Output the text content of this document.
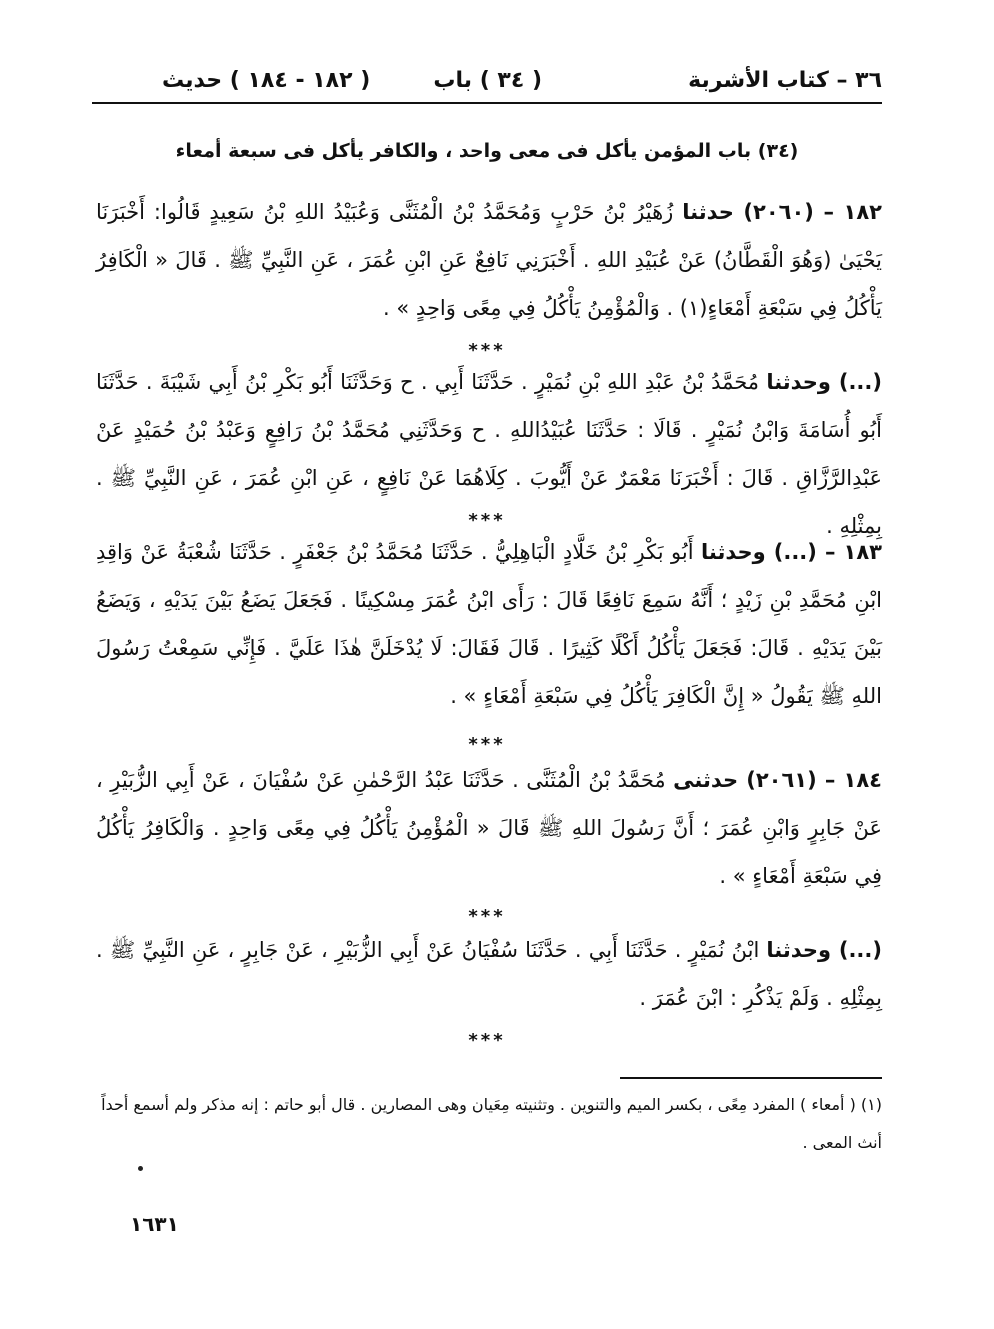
٣٦ – كتاب الأشربة
( ٣٤ ) باب
( ١٨٢ - ١٨٤ ) حديث
(٣٤) باب المؤمن يأكل فى معى واحد ، والكافر يأكل فى سبعة أمعاء
١٨٢ – (٢٠٦٠) حدثنا زُهَيْرُ بْنُ حَرْبٍ وَمُحَمَّدُ بْنُ الْمُثَنَّى وَعُبَيْدُ اللهِ بْنُ سَعِيدٍ قَالُوا: أَخْبَرَنَا يَحْيَىٰ (وَهُوَ الْقَطَّانُ) عَنْ عُبَيْدِ اللهِ . أَخْبَرَنِي نَافِعٌ عَنِ ابْنِ عُمَرَ ، عَنِ النَّبِيِّ ﷺ . قَالَ « الْكَافِرُ يَأْكُلُ فِي سَبْعَةِ أَمْعَاءٍ(١) . وَالْمُؤْمِنُ يَأْكُلُ فِي مِعًى وَاحِدٍ » .
***
(...) وحدثنا مُحَمَّدُ بْنُ عَبْدِ اللهِ بْنِ نُمَيْرٍ . حَدَّثَنَا أَبِي . ح وَحَدَّثَنَا أَبُو بَكْرِ بْنُ أَبِي شَيْبَةَ . حَدَّثَنَا أَبُو أُسَامَةَ وَابْنُ نُمَيْرٍ . قَالَا : حَدَّثَنَا عُبَيْدُاللهِ . ح وَحَدَّثَنِي مُحَمَّدُ بْنُ رَافِعٍ وَعَبْدُ بْنُ حُمَيْدٍ عَنْ عَبْدِالرَّزَّاقِ . قَالَ : أَخْبَرَنَا مَعْمَرٌ عَنْ أَيُّوبَ . كِلَاهُمَا عَنْ نَافِعٍ ، عَنِ ابْنِ عُمَرَ ، عَنِ النَّبِيِّ ﷺ . بِمِثْلِهِ .
***
١٨٣ – (...) وحدثنا أَبُو بَكْرِ بْنُ خَلَّادٍ الْبَاهِلِيُّ . حَدَّثَنَا مُحَمَّدُ بْنُ جَعْفَرٍ . حَدَّثَنَا شُعْبَةُ عَنْ وَاقِدِ ابْنِ مُحَمَّدِ بْنِ زَيْدٍ ؛ أَنَّهُ سَمِعَ نَافِعًا قَالَ : رَأَى ابْنُ عُمَرَ مِسْكِينًا . فَجَعَلَ يَضَعُ بَيْنَ يَدَيْهِ ، وَيَضَعُ بَيْنَ يَدَيْهِ . قَالَ: فَجَعَلَ يَأْكُلُ أَكْلًا كَثِيرًا . قَالَ فَقَالَ: لَا يُدْخَلَنَّ هٰذَا عَلَيَّ . فَإِنِّي سَمِعْتُ رَسُولَ اللهِ ﷺ يَقُولُ « إِنَّ الْكَافِرَ يَأْكُلُ فِي سَبْعَةِ أَمْعَاءٍ » .
***
١٨٤ – (٢٠٦١) حدثنى مُحَمَّدُ بْنُ الْمُثَنَّى . حَدَّثَنَا عَبْدُ الرَّحْمٰنِ عَنْ سُفْيَانَ ، عَنْ أَبِي الزُّبَيْرِ ، عَنْ جَابِرٍ وَابْنِ عُمَرَ ؛ أَنَّ رَسُولَ اللهِ ﷺ قَالَ « الْمُؤْمِنُ يَأْكُلُ فِي مِعًى وَاحِدٍ . وَالْكَافِرُ يَأْكُلُ فِي سَبْعَةِ أَمْعَاءٍ » .
***
(...) وحدثنا ابْنُ نُمَيْرٍ . حَدَّثَنَا أَبِي . حَدَّثَنَا سُفْيَانُ عَنْ أَبِي الزُّبَيْرِ ، عَنْ جَابِرٍ ، عَنِ النَّبِيِّ ﷺ . بِمِثْلِهِ . وَلَمْ يَذْكُرِ : ابْنَ عُمَرَ .
***
(١) ( أمعاء ) المفرد مِعًى ، بكسر الميم والتنوين . وتثنيته مِعَيان وهى المصارين . قال أبو حاتم : إنه مذكر ولم أسمع أحداً أنث المعى .
١٦٣١
